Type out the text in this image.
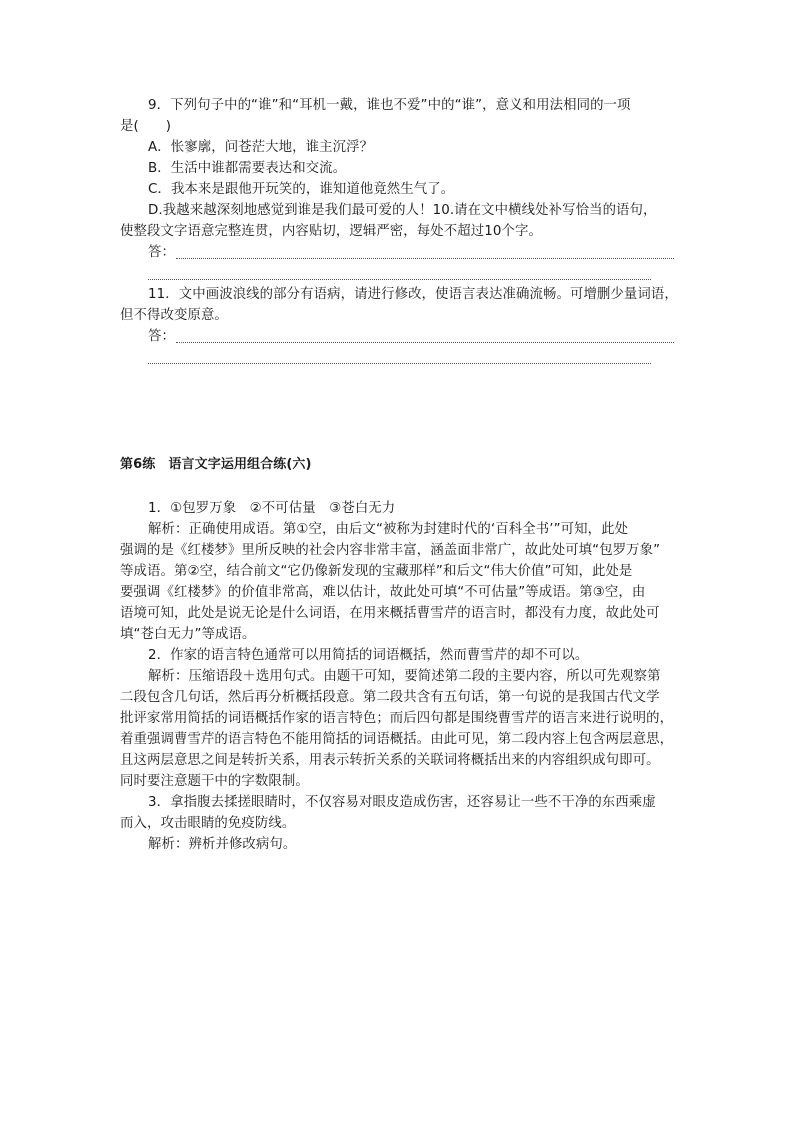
9．下列句子中的“谁”和“耳机一戴，谁也不爱”中的“谁”，意义和用法相同的一项
是(　　)
A．怅寥廓，问苍茫大地，谁主沉浮？
B．生活中谁都需要表达和交流。
C．我本来是跟他开玩笑的，谁知道他竟然生气了。
D.我越来越深刻地感觉到谁是我们最可爱的人！10.请在文中横线处补写恰当的语句，
使整段文字语意完整连贯，内容贴切，逻辑严密，每处不超过10个字。
答：
11．文中画波浪线的部分有语病，请进行修改，使语言表达准确流畅。可增删少量词语，
但不得改变原意。
答：
第6练　语言文字运用组合练(六)
1．①包罗万象　②不可估量　③苍白无力
解析：正确使用成语。第①空，由后文“被称为封建时代的‘百科全书’”可知，此处
强调的是《红楼梦》里所反映的社会内容非常丰富，涵盖面非常广，故此处可填“包罗万象”
等成语。第②空，结合前文“它仍像新发现的宝藏那样”和后文“伟大价值”可知，此处是
要强调《红楼梦》的价值非常高，难以估计，故此处可填“不可估量”等成语。第③空，由
语境可知，此处是说无论是什么词语，在用来概括曹雪芹的语言时，都没有力度，故此处可
填“苍白无力”等成语。
2．作家的语言特色通常可以用简括的词语概括，然而曹雪芹的却不可以。
解析：压缩语段＋选用句式。由题干可知，要简述第二段的主要内容，所以可先观察第
二段包含几句话，然后再分析概括段意。第二段共含有五句话，第一句说的是我国古代文学
批评家常用简括的词语概括作家的语言特色；而后四句都是围绕曹雪芹的语言来进行说明的，
着重强调曹雪芹的语言特色不能用简括的词语概括。由此可见，第二段内容上包含两层意思，
且这两层意思之间是转折关系，用表示转折关系的关联词将概括出来的内容组织成句即可。
同时要注意题干中的字数限制。
3．拿指腹去揉搓眼睛时，不仅容易对眼皮造成伤害，还容易让一些不干净的东西乘虚
而入，攻击眼睛的免疫防线。
解析：辨析并修改病句。
